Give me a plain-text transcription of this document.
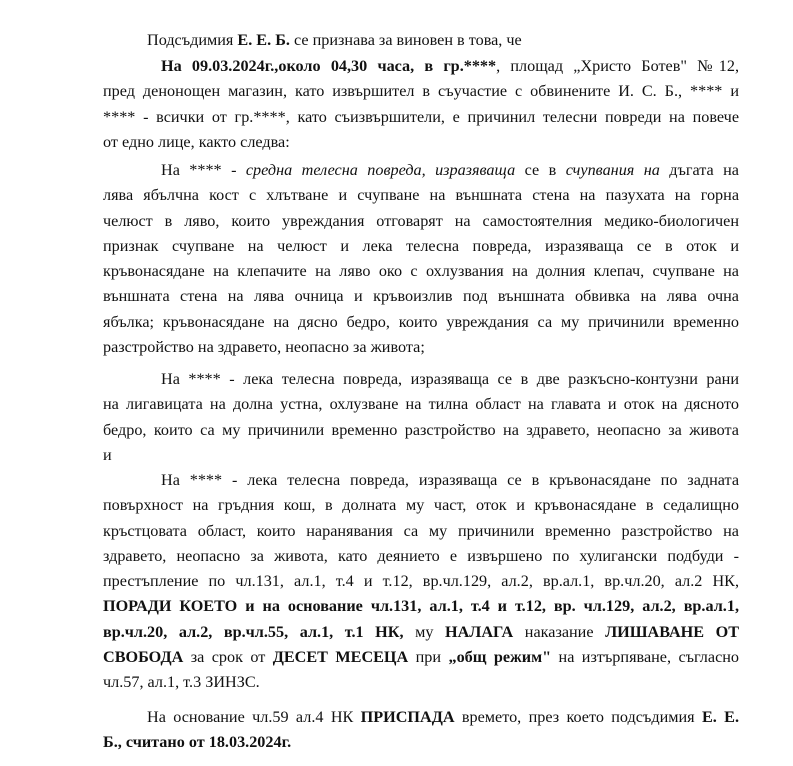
Подсъдимия Е. Е. Б. се признава за виновен в това, че
На 09.03.2024г.,около 04,30 часа, в гр.****, площад „Христо Ботев" №12,
пред денонощен магазин, като извършител в съучастие с обвинените И. С. Б., **** и
**** - всички от гр.****, като съизвършители, е причинил телесни повреди на повече
от едно лице, както следва:
На **** - средна телесна повреда, изразяваща се в счупвания на дъгата на
лява ябълчна кост с хлътване и счупване на външната стена на пазухата на горна
челюст в ляво, които увреждания отговарят на самостоятелния медико-биологичен
признак счупване на челюст и лека телесна повреда, изразяваща се в оток и
кръвонасядане на клепачите на ляво око с охлузвания на долния клепач, счупване на
външната стена на лява очница и кръвоизлив под външната обвивка на лява очна
ябълка; кръвонасядане на дясно бедро, които увреждания са му причинили временно
разстройство на здравето, неопасно за живота;
На **** - лека телесна повреда, изразяваща се в две разкъсно-контузни рани
на лигавицата на долна устна, охлузване на тилна област на главата и оток на дясното
бедро, които са му причинили временно разстройство на здравето, неопасно за живота
и
На **** - лека телесна повреда, изразяваща се в кръвонасядане по задната
повърхност на гръдния кош, в долната му част, оток и кръвонасядане в седалищно
кръстцовата област, които наранявания са му причинили временно разстройство на
здравето, неопасно за живота, като деянието е извършено по хулигански подбуди -
престъпление по чл.131, ал.1, т.4 и т.12, вр.чл.129, ал.2, вр.ал.1, вр.чл.20, ал.2 НК,
ПОРАДИ КОЕТО и на основание чл.131, ал.1, т.4 и т.12, вр. чл.129, ал.2, вр.ал.1,
вр.чл.20, ал.2, вр.чл.55, ал.1, т.1 НК, му НАЛАГА наказание ЛИШАВАНЕ ОТ
СВОБОДА за срок от ДЕСЕТ МЕСЕЦА при „общ режим" на изтърпяване, съгласно
чл.57, ал.1, т.3 ЗИНЗС.
На основание чл.59 ал.4 НК ПРИСПАДА времето, през което подсъдимия Е. Е.
Б., считано от 18.03.2024г.
